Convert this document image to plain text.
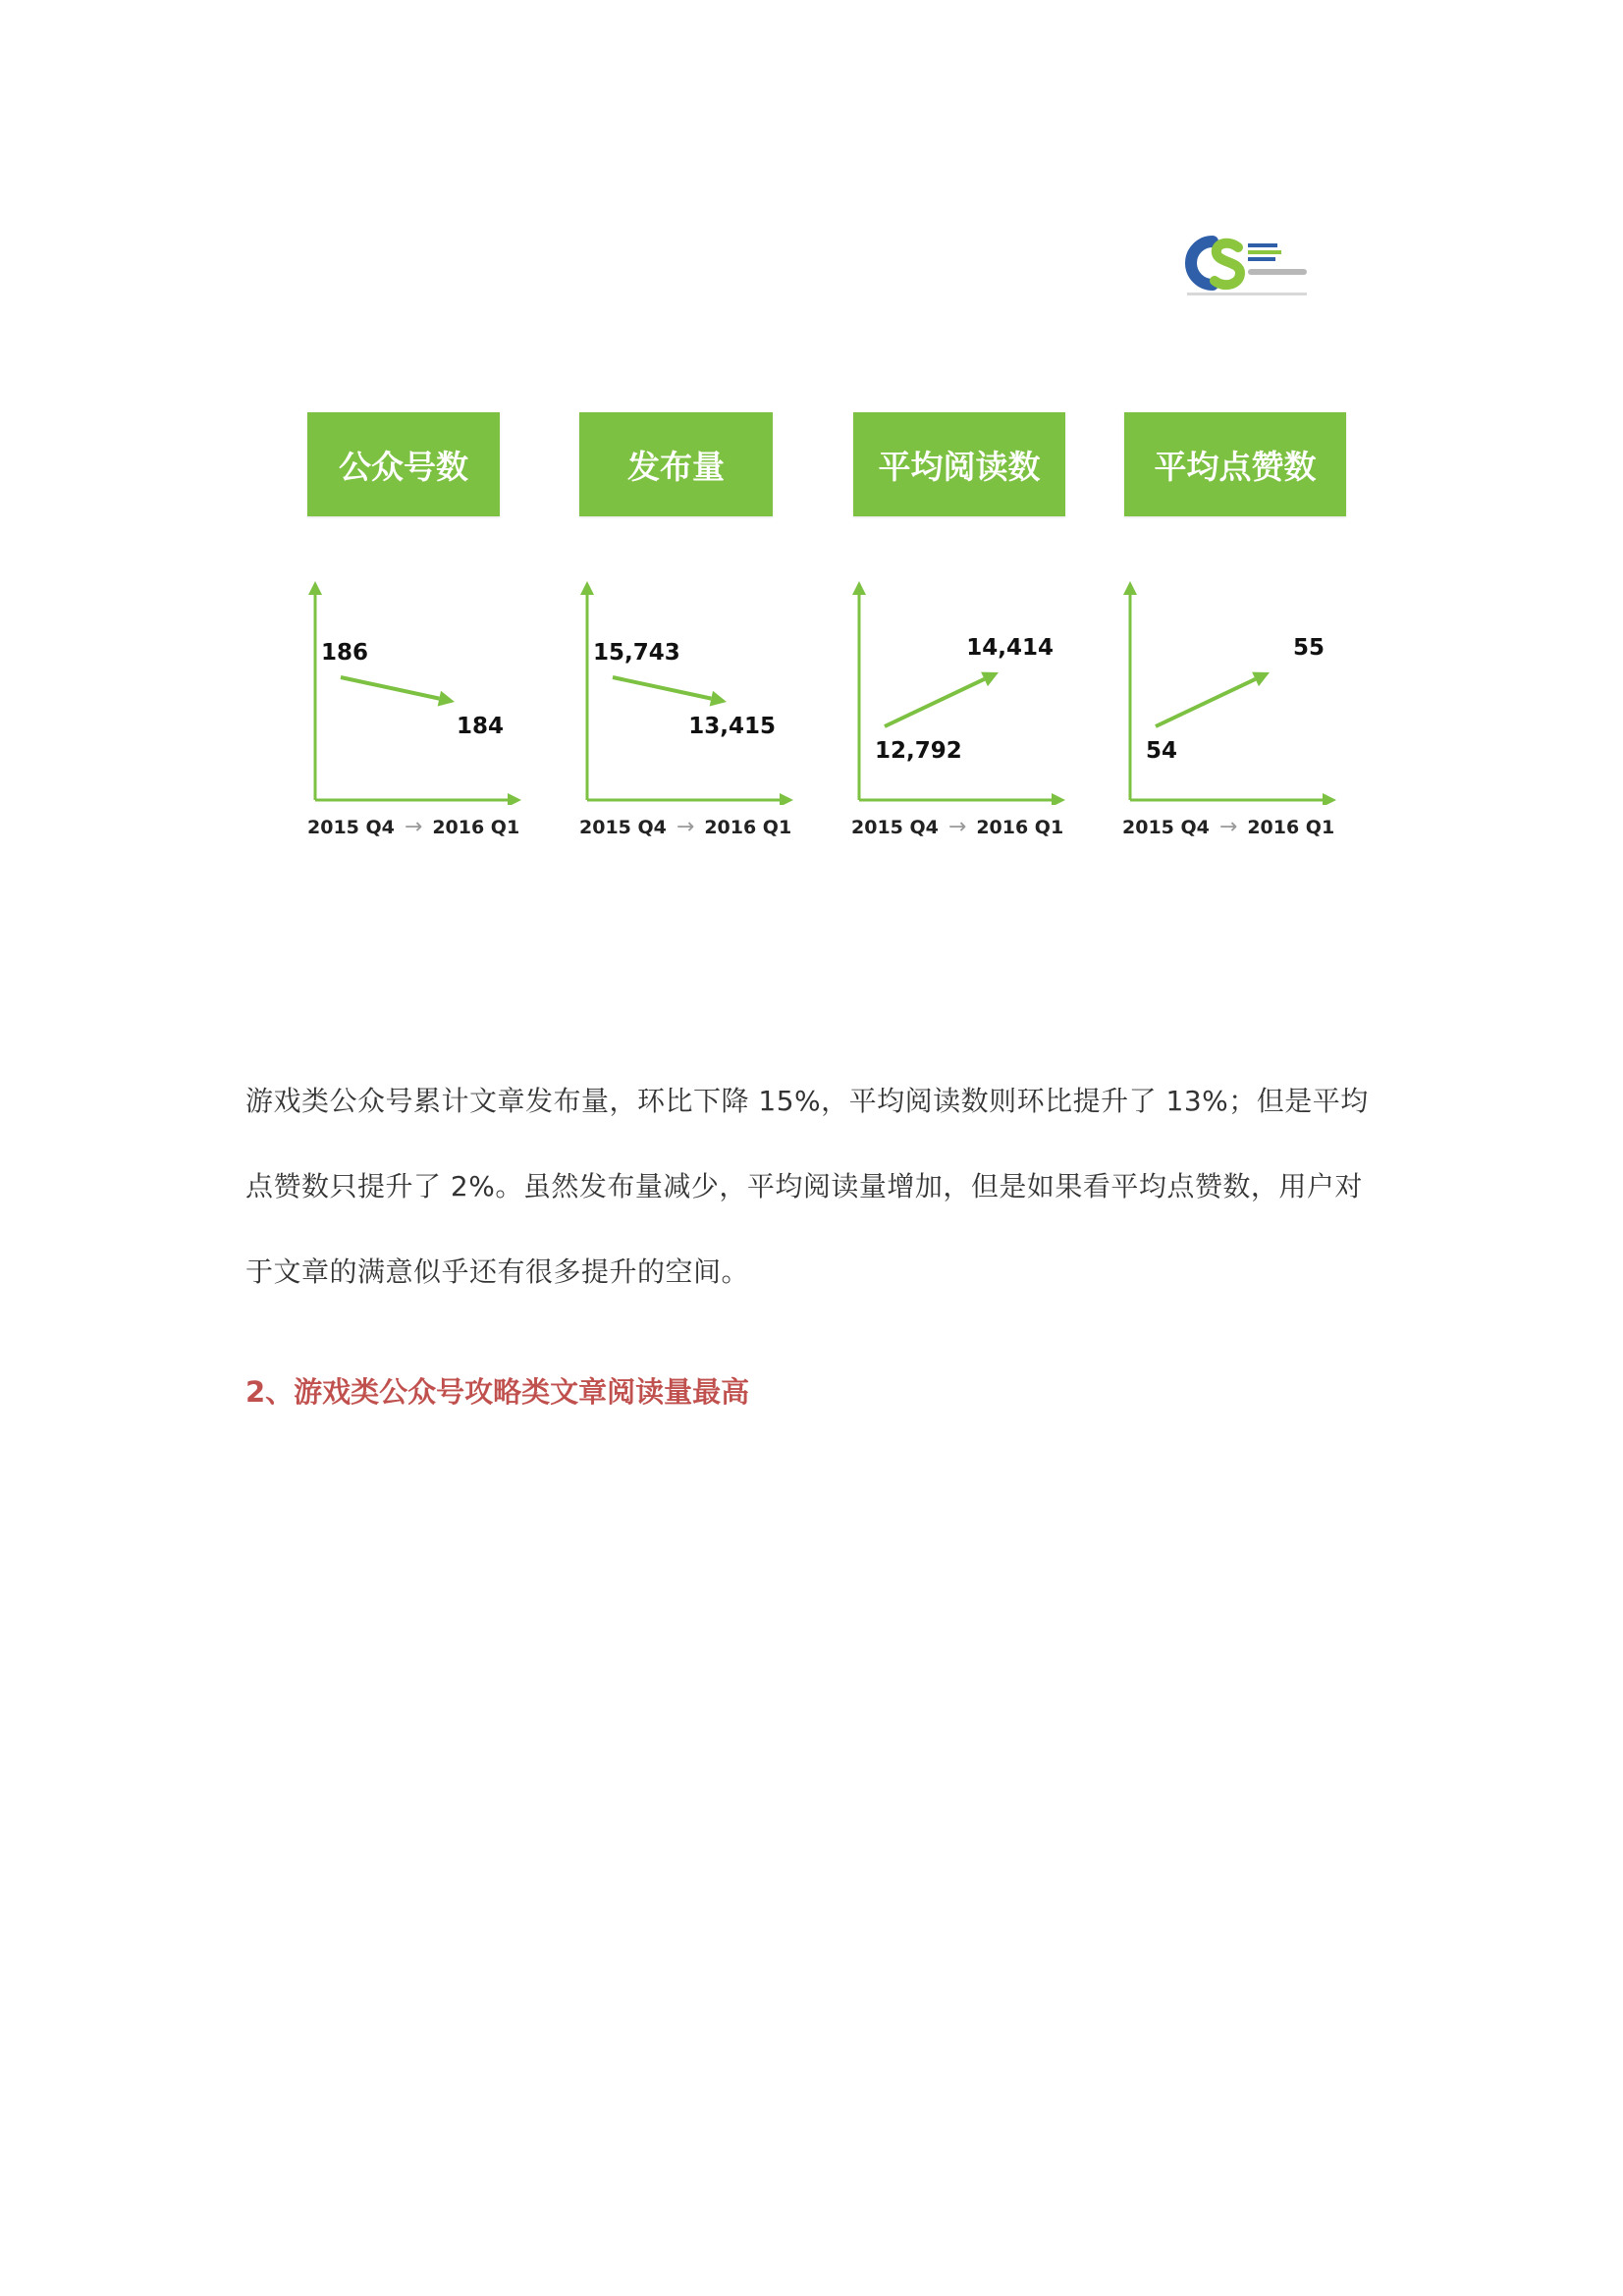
公众号数
186
184
2015 Q4 → 2016 Q1
发布量
15,743
13,415
2015 Q4 → 2016 Q1
平均阅读数
12,792
14,414
2015 Q4 → 2016 Q1
平均点赞数
54
55
2015 Q4 → 2016 Q1
游戏类公众号累计文章发布量，环比下降 15%，平均阅读数则环比提升了 13%；但是平均
点赞数只提升了 2%。虽然发布量减少，平均阅读量增加，但是如果看平均点赞数，用户对
于文章的满意似乎还有很多提升的空间。
2、游戏类公众号攻略类文章阅读量最高
